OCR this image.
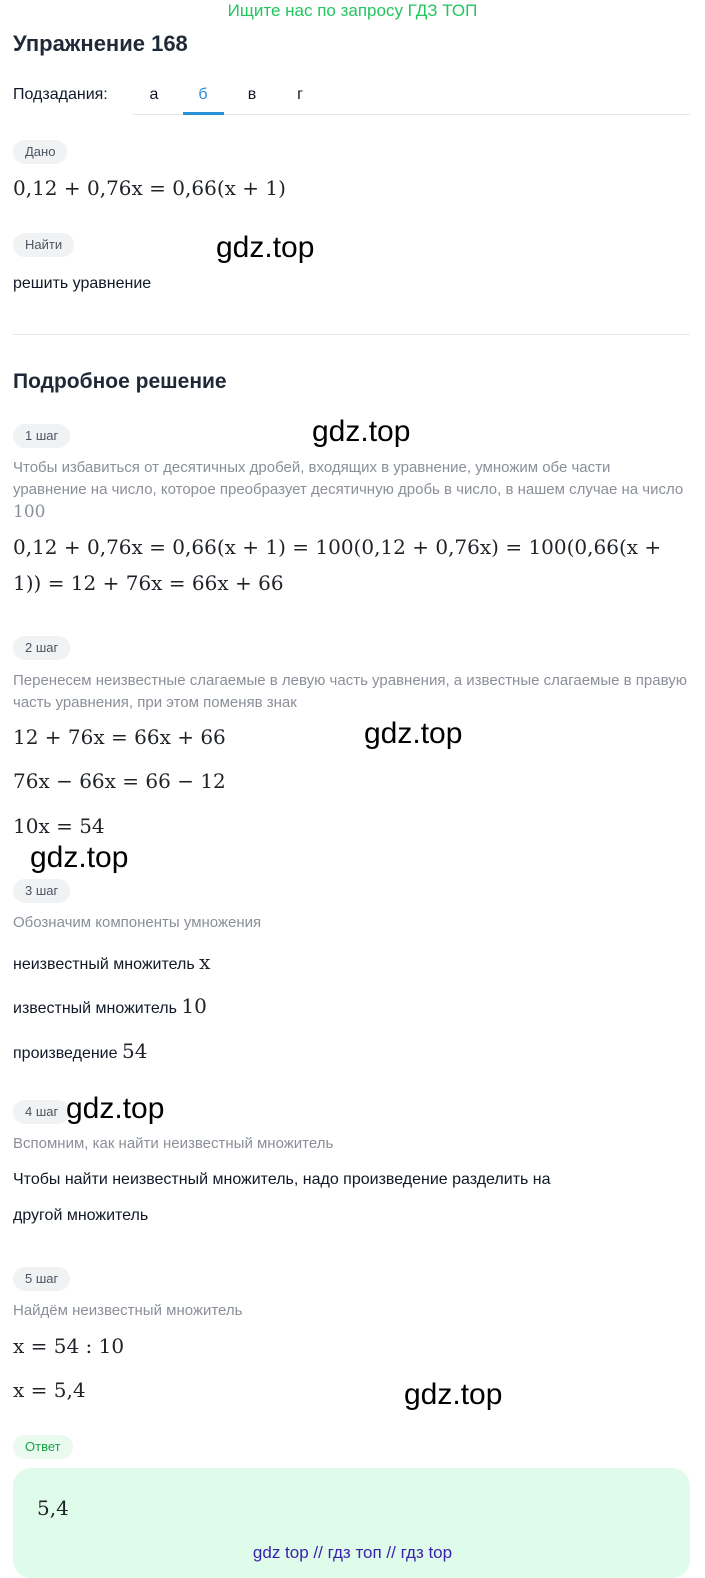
Ищите нас по запросу ГДЗ ТОП
Упражнение 168
Подзадания:	а	б	в	г
Дано
0,12 + 0,76x = 0,66(x + 1)
Найти
решить уравнение
Подробное решение
1 шаг
Чтобы избавиться от десятичных дробей, входящих в уравнение, умножим обе части уравнение на число, которое преобразует десятичную дробь в число, в нашем случае на число 100
0,12 + 0,76x = 0,66(x + 1) = 100(0,12 + 0,76x) = 100(0,66(x +
1)) = 12 + 76x = 66x + 66
2 шаг
Перенесем неизвестные слагаемые в левую часть уравнения, а известные слагаемые в правую часть уравнения, при этом поменяв знак
12 + 76x = 66x + 66
76x − 66x = 66 − 12
10x = 54
3 шаг
Обозначим компоненты умножения
неизвестный множитель x
известный множитель 10
произведение 54
4 шаг
Вспомним, как найти неизвестный множитель
Чтобы найти неизвестный множитель, надо произведение разделить на
другой множитель
5 шаг
Найдём неизвестный множитель
x = 54 : 10
x = 5,4
Ответ
5,4
gdz.top
gdz.top
gdz.top
gdz.top
gdz.top
gdz.top
gdz top // гдз топ // гдз top
